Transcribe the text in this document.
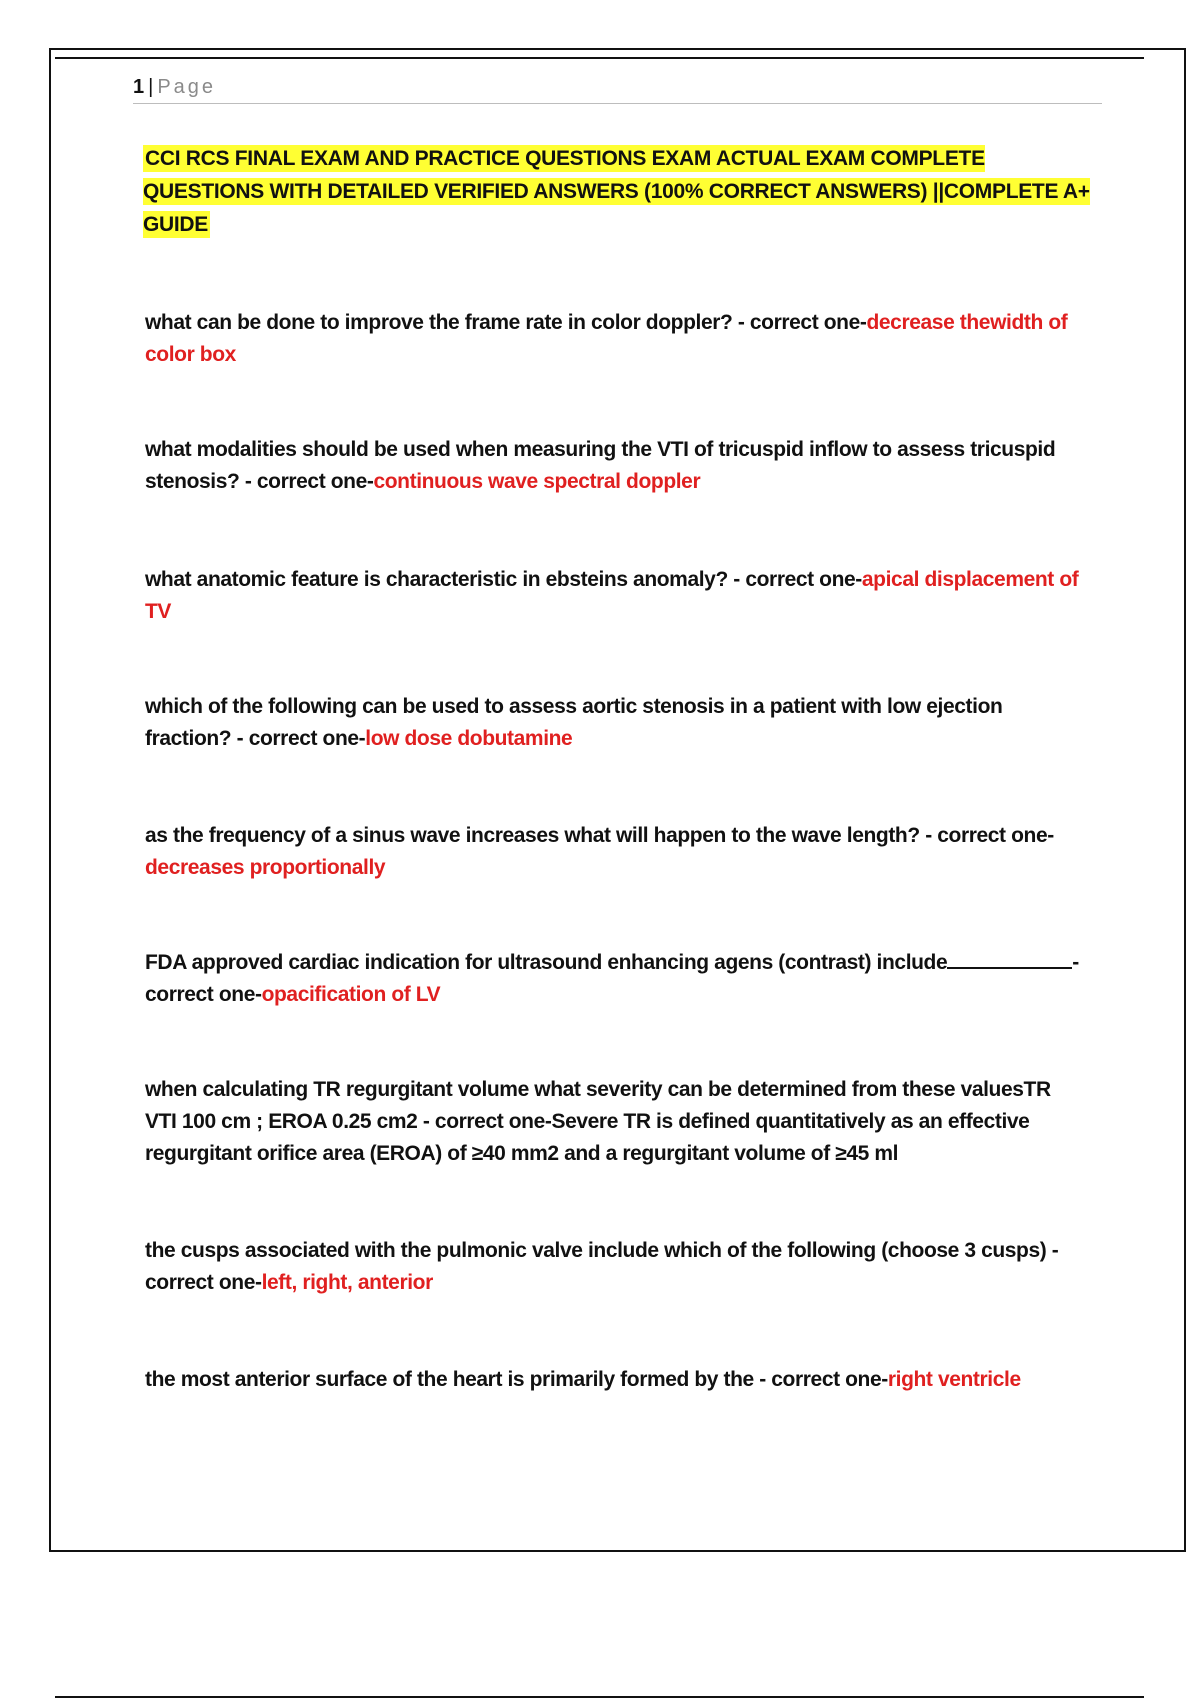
1 | Page
CCI RCS FINAL EXAM AND PRACTICE QUESTIONS EXAM ACTUAL EXAM COMPLETE QUESTIONS WITH DETAILED VERIFIED ANSWERS (100% CORRECT ANSWERS) ||COMPLETE A+ GUIDE
what can be done to improve the frame rate in color doppler? - correct one-decrease thewidth of color box
what modalities should be used when measuring the VTI of tricuspid inflow to assess tricuspid stenosis? - correct one-continuous wave spectral doppler
what anatomic feature is characteristic in ebsteins anomaly? - correct one-apical displacement of TV
which of the following can be used to assess aortic stenosis in a patient with low ejection fraction? - correct one-low dose dobutamine
as the frequency of a sinus wave increases what will happen to the wave length? - correct one-decreases proportionally
FDA approved cardiac indication for ultrasound enhancing agens (contrast) include	- correct one-opacification of LV
when calculating TR regurgitant volume what severity can be determined from these valuesTR VTI 100 cm ; EROA 0.25 cm2 - correct one-Severe TR is defined quantitatively as an effective regurgitant orifice area (EROA) of ≥40 mm2 and a regurgitant volume of ≥45 ml
the cusps associated with the pulmonic valve include which of the following (choose 3 cusps) - correct one-left, right, anterior
the most anterior surface of the heart is primarily formed by the - correct one-right ventricle
